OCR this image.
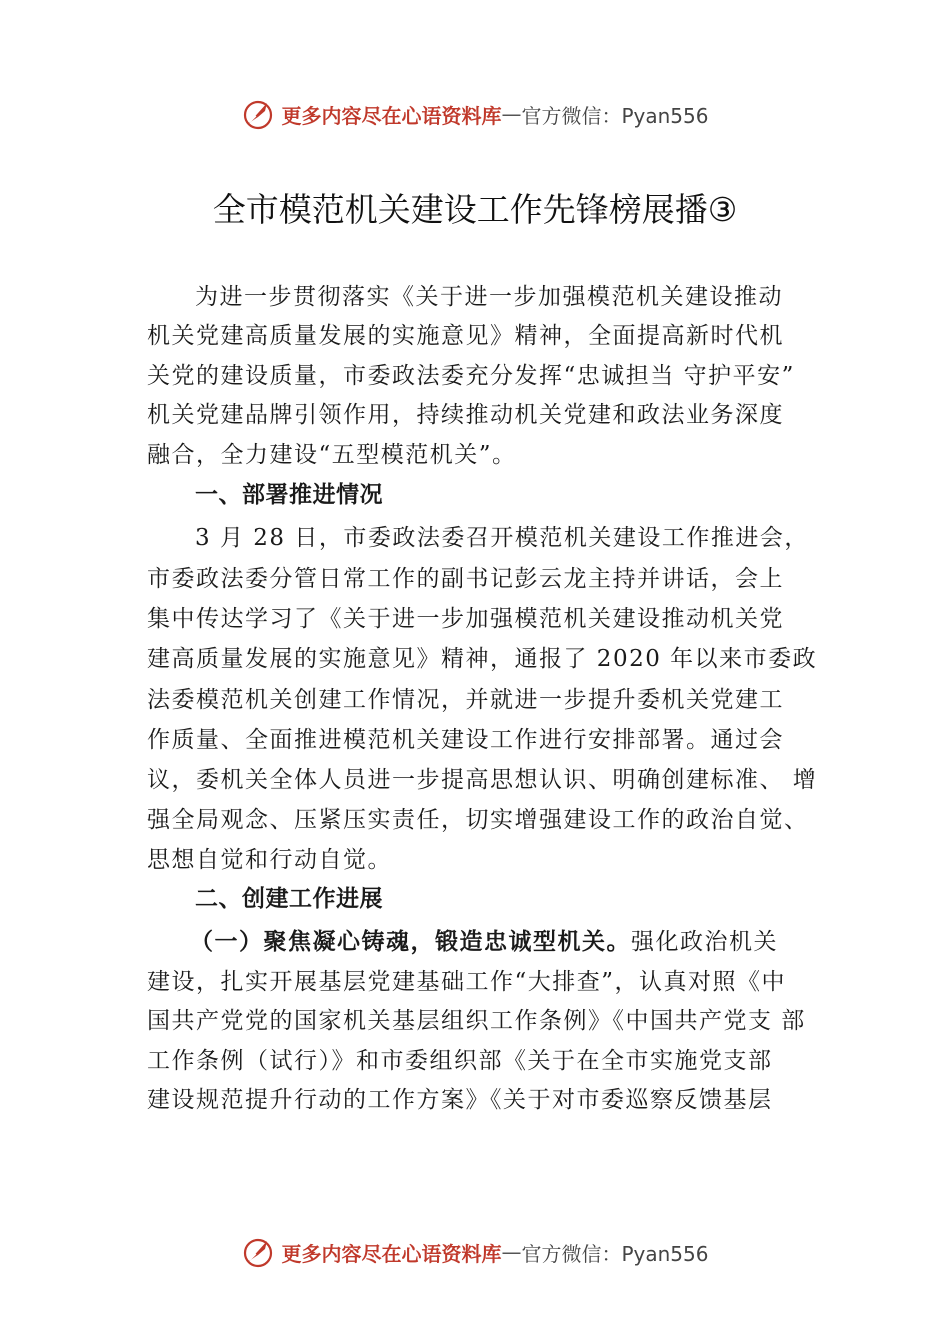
更多内容尽在心语资料库 — 官方微信：Pyan556
全市模范机关建设工作先锋榜展播③
为进一步贯彻落实《关于进一步加强模范机关建设推动
机关党建高质量发展的实施意见》精神，全面提高新时代机
关党的建设质量，市委政法委充分发挥“忠诚担当 守护平安”
机关党建品牌引领作用，持续推动机关党建和政法业务深度
融合，全力建设“五型模范机关”。
一、部署推进情况
3 月 28 日，市委政法委召开模范机关建设工作推进会，
市委政法委分管日常工作的副书记彭云龙主持并讲话，会上
集中传达学习了《关于进一步加强模范机关建设推动机关党
建高质量发展的实施意见》精神，通报了 2020 年以来市委政
法委模范机关创建工作情况，并就进一步提升委机关党建工
作质量、全面推进模范机关建设工作进行安排部署。通过会
议，委机关全体人员进一步提高思想认识、明确创建标准、 增
强全局观念、压紧压实责任，切实增强建设工作的政治自觉、
思想自觉和行动自觉。
二、创建工作进展
（一）聚焦凝心铸魂，锻造忠诚型机关。强化政治机关
建设，扎实开展基层党建基础工作“大排查”，认真对照《中
国共产党党的国家机关基层组织工作条例》《中国共产党支 部
工作条例（试行）》和市委组织部《关于在全市实施党支部
建设规范提升行动的工作方案》《关于对市委巡察反馈基层
更多内容尽在心语资料库 — 官方微信：Pyan556
